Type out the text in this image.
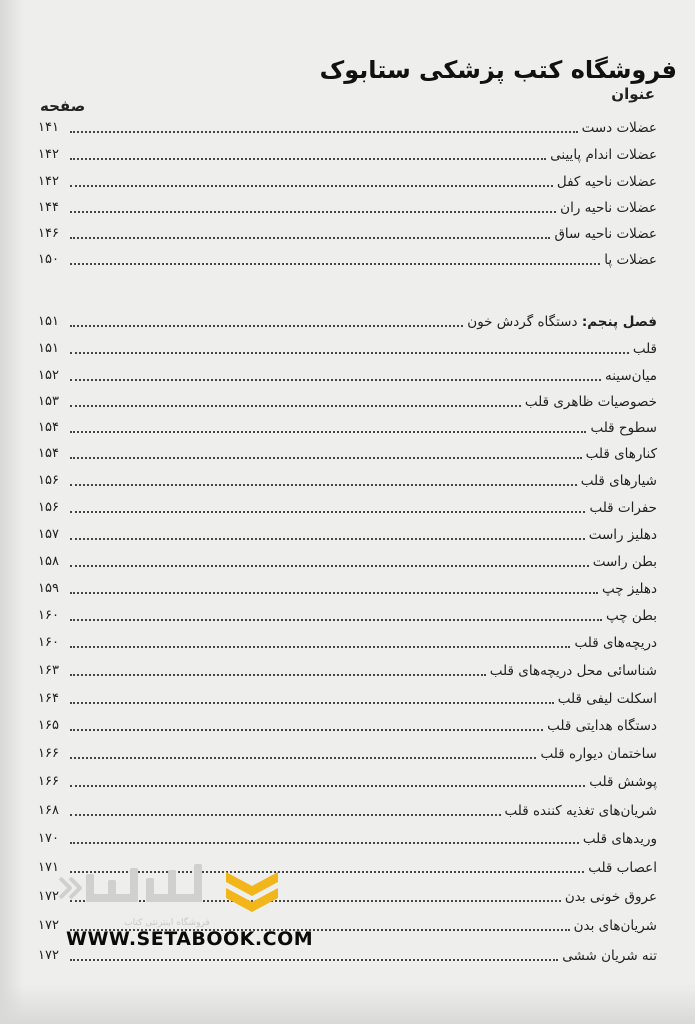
فروشگاه کتب پزشکی ستابوک
عنوان
صفحه
عضلات دست
۱۴۱
عضلات اندام پایینی
۱۴۲
عضلات ناحیه کفل
۱۴۲
عضلات ناحیه ران
۱۴۴
عضلات ناحیه ساق
۱۴۶
عضلات پا
۱۵۰
فصل پنجم: دستگاه گردش خون
۱۵۱
قلب
۱۵۱
میان‌سینه
۱۵۲
خصوصیات ظاهری قلب
۱۵۳
سطوح قلب
۱۵۴
کنارهای قلب
۱۵۴
شیارهای قلب
۱۵۶
حفرات قلب
۱۵۶
دهلیز راست
۱۵۷
بطن راست
۱۵۸
دهلیز چپ
۱۵۹
بطن چپ
۱۶۰
دریچه‌های قلب
۱۶۰
شناسائی محل دریچه‌های قلب
۱۶۳
اسکلت لیفی قلب
۱۶۴
دستگاه هدایتی قلب
۱۶۵
ساختمان دیواره قلب
۱۶۶
پوشش قلب
۱۶۶
شریان‌های تغذیه کننده قلب
۱۶۸
وریدهای قلب
۱۷۰
اعصاب قلب
۱۷۱
عروق خونی بدن
۱۷۲
شریان‌های بدن
۱۷۲
تنه شریان ششی
۱۷۲
فروشگاه اینترنتی کتاب
WWW.SETABOOK.COM
